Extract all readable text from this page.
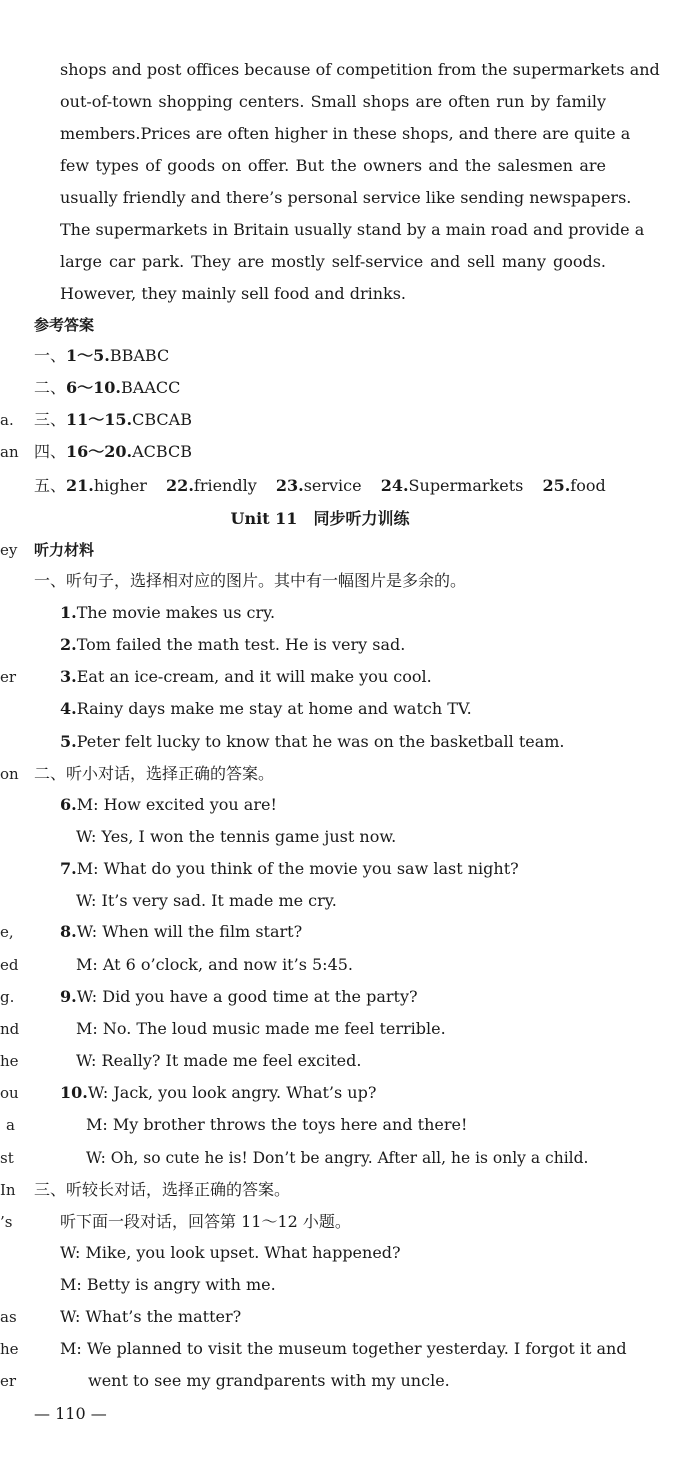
shops and post offices because of competition from the supermarkets and
out-of-town shopping centers. Small shops are often run by family
members.Prices are often higher in these shops, and there are quite a
few types of goods on offer. But the owners and the salesmen are
usually friendly and there’s personal service like sending newspapers.
The supermarkets in Britain usually stand by a main road and provide a
large car park. They are mostly self-service and sell many goods.
However, they mainly sell food and drinks.
参考答案
一、1～5.BBABC
二、6～10.BAACC
三、11～15.CBCAB
四、16～20.ACBCB
五、21.higher 22.friendly 23.service 24.Supermarkets 25.food
Unit 11　同步听力训练
听力材料
一、听句子，选择相对应的图片。其中有一幅图片是多余的。
1.The movie makes us cry.
2.Tom failed the math test. He is very sad.
3.Eat an ice-cream, and it will make you cool.
4.Rainy days make me stay at home and watch TV.
5.Peter felt lucky to know that he was on the basketball team.
二、听小对话，选择正确的答案。
6.M: How excited you are!
W: Yes, I won the tennis game just now.
7.M: What do you think of the movie you saw last night?
W: It’s very sad. It made me cry.
8.W: When will the film start?
M: At 6 o’clock, and now it’s 5:45.
9.W: Did you have a good time at the party?
M: No. The loud music made me feel terrible.
W: Really? It made me feel excited.
10.W: Jack, you look angry. What’s up?
M: My brother throws the toys here and there!
W: Oh, so cute he is! Don’t be angry. After all, he is only a child.
三、听较长对话，选择正确的答案。
听下面一段对话，回答第 11～12 小题。
W: Mike, you look upset. What happened?
M: Betty is angry with me.
W: What’s the matter?
M: We planned to visit the museum together yesterday. I forgot it and
went to see my grandparents with my uncle.
a.
an
ey
er
on
e,
ed
g.
nd
he
ou
a
st
In
’s
as
he
er
— 110 —
